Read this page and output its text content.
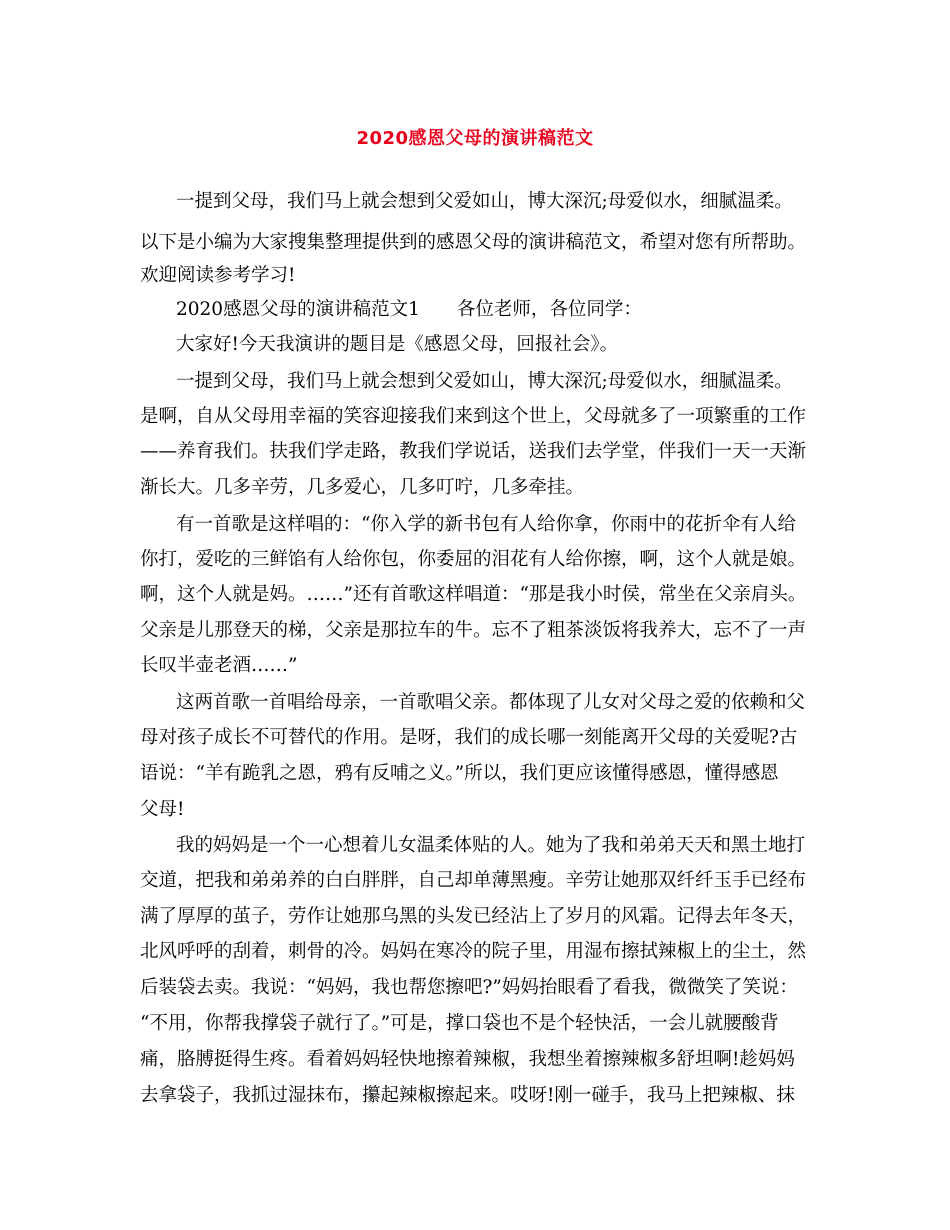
2020感恩父母的演讲稿范文
一提到父母，我们马上就会想到父爱如山，博大深沉;母爱似水，细腻温柔。
以下是小编为大家搜集整理提供到的感恩父母的演讲稿范文，希望对您有所帮助。
欢迎阅读参考学习!
2020感恩父母的演讲稿范文1　　各位老师，各位同学：
大家好!今天我演讲的题目是《感恩父母，回报社会》。
一提到父母，我们马上就会想到父爱如山，博大深沉;母爱似水，细腻温柔。
是啊，自从父母用幸福的笑容迎接我们来到这个世上，父母就多了一项繁重的工作
——养育我们。扶我们学走路，教我们学说话，送我们去学堂，伴我们一天一天渐
渐长大。几多辛劳，几多爱心，几多叮咛，几多牵挂。
有一首歌是这样唱的：“你入学的新书包有人给你拿，你雨中的花折伞有人给
你打，爱吃的三鲜馅有人给你包，你委屈的泪花有人给你擦，啊，这个人就是娘。
啊，这个人就是妈。……”还有首歌这样唱道：“那是我小时侯，常坐在父亲肩头。
父亲是儿那登天的梯，父亲是那拉车的牛。忘不了粗茶淡饭将我养大，忘不了一声
长叹半壶老酒……”
这两首歌一首唱给母亲，一首歌唱父亲。都体现了儿女对父母之爱的依赖和父
母对孩子成长不可替代的作用。是呀，我们的成长哪一刻能离开父母的关爱呢?古
语说：“羊有跪乳之恩，鸦有反哺之义。”所以，我们更应该懂得感恩，懂得感恩
父母!
我的妈妈是一个一心想着儿女温柔体贴的人。她为了我和弟弟天天和黑土地打
交道，把我和弟弟养的白白胖胖，自己却单薄黑瘦。辛劳让她那双纤纤玉手已经布
满了厚厚的茧子，劳作让她那乌黑的头发已经沾上了岁月的风霜。记得去年冬天，
北风呼呼的刮着，刺骨的冷。妈妈在寒冷的院子里，用湿布擦拭辣椒上的尘土，然
后装袋去卖。我说：“妈妈，我也帮您擦吧?”妈妈抬眼看了看我，微微笑了笑说：
“不用，你帮我撑袋子就行了。”可是，撑口袋也不是个轻快活，一会儿就腰酸背
痛，胳膊挺得生疼。看着妈妈轻快地擦着辣椒，我想坐着擦辣椒多舒坦啊!趁妈妈
去拿袋子，我抓过湿抹布，攥起辣椒擦起来。哎呀!刚一碰手，我马上把辣椒、抹
